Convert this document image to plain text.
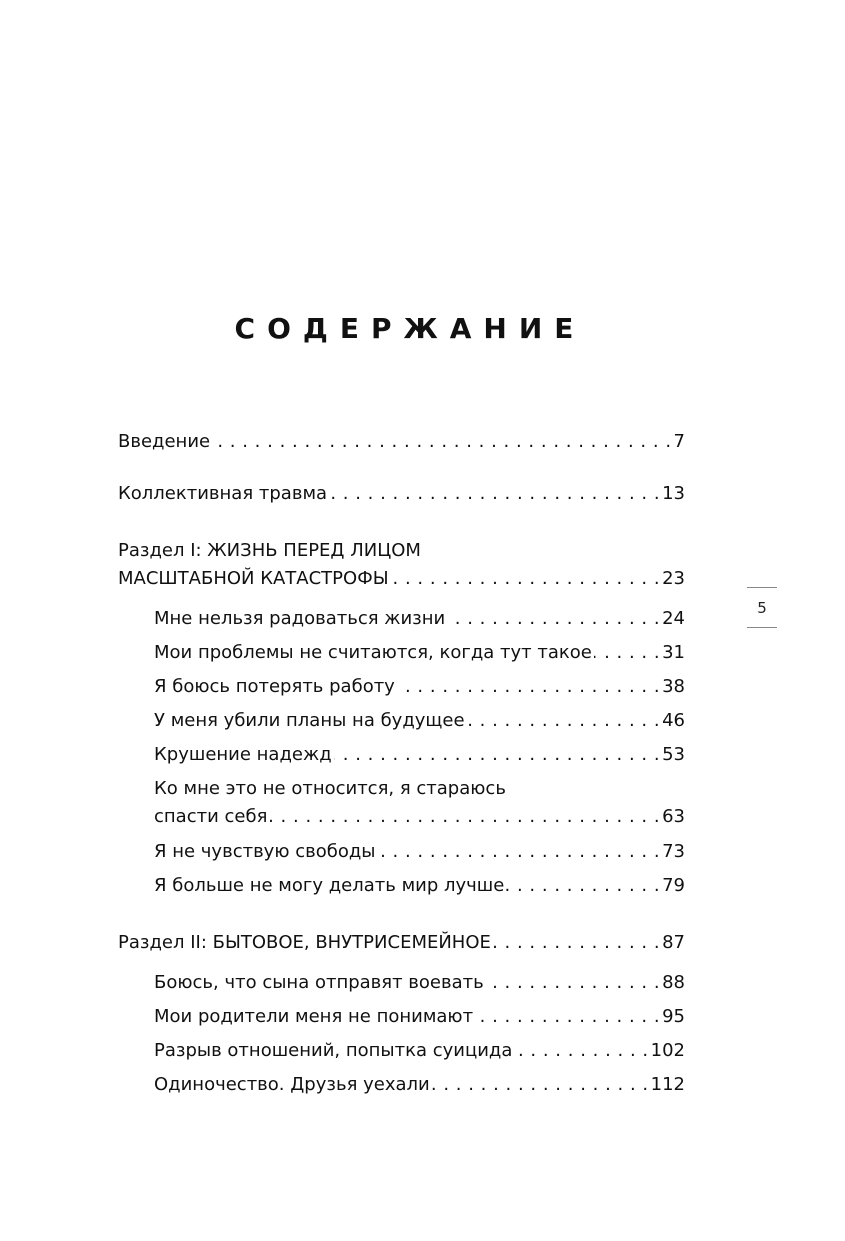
СОДЕРЖАНИЕ
Введение . . .	7
Коллективная травма . . .	13
Раздел I: ЖИЗНЬ ПЕРЕД ЛИЦОМ
МАСШТАБНОЙ КАТАСТРОФЫ . . .	23
Мне нельзя радоваться жизни . . .	24
Мои проблемы не считаются, когда тут такое . . .	31
Я боюсь потерять работу . . .	38
У меня убили планы на будущее . . .	46
Крушение надежд . . .	53
Ко мне это не относится, я стараюсь
спасти себя . . .	63
Я не чувствую свободы . . .	73
Я больше не могу делать мир лучше . . .	79
Раздел II: БЫТОВОЕ, ВНУТРИСЕМЕЙНОЕ . . .	87
Боюсь, что сына отправят воевать . . .	88
Мои родители меня не понимают . . .	95
Разрыв отношений, попытка суицида . . .	102
Одиночество. Друзья уехали . . .	112
5
